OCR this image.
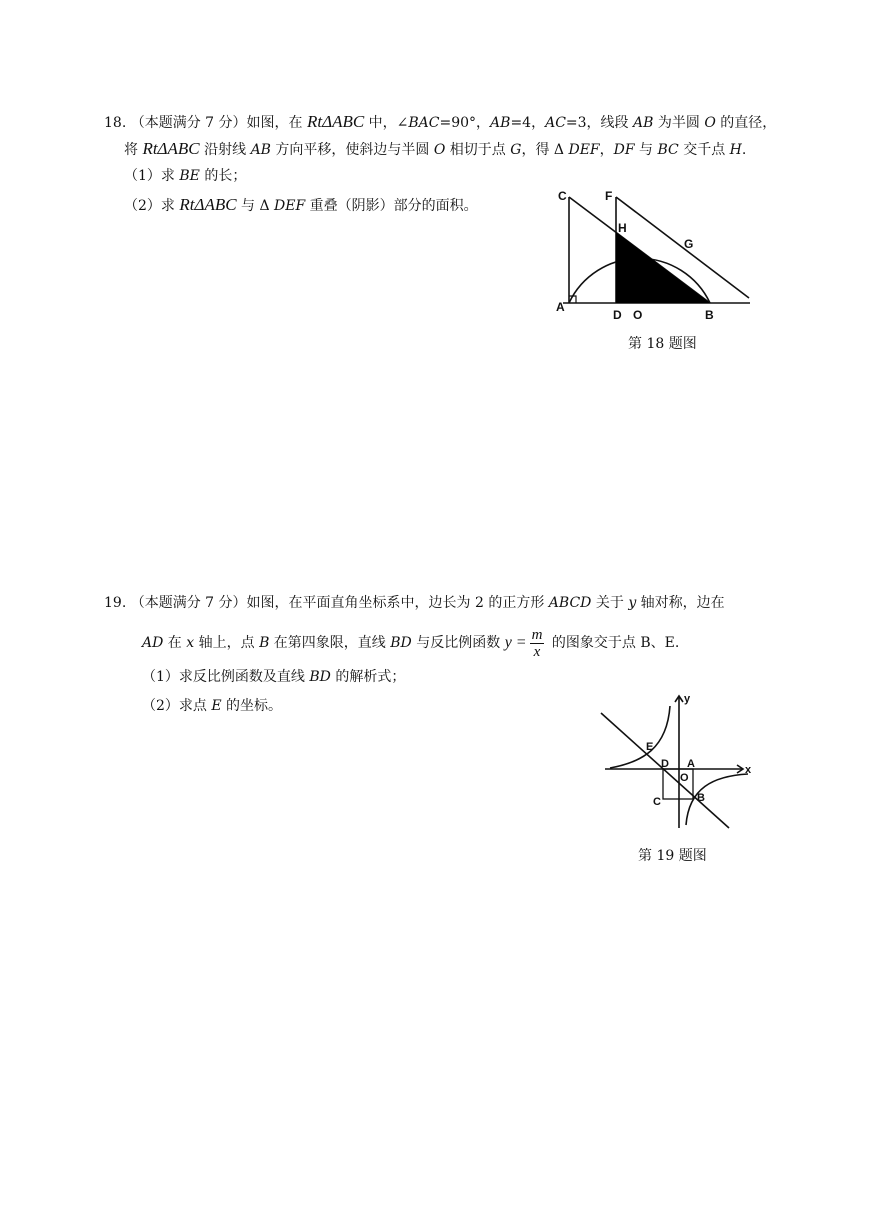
18. （本题满分 7 分）如图，在 RtΔABC 中，∠BAC=90°，AB=4，AC=3，线段 AB 为半圆 O 的直径，
将 RtΔABC 沿射线 AB 方向平移，使斜边与半圆 O 相切于点 G，得 Δ DEF，DF 与 BC 交千点 H.
（1）求 BE 的长；
（2）求 RtΔABC 与 Δ DEF 重叠（阴影）部分的面积。
C	F
H
G
A
D O	B
第 18 题图
19. （本题满分 7 分）如图，在平面直角坐标系中，边长为 2 的正方形 ABCD 关于 y 轴对称，边在
AD 在 x 轴上，点 B 在第四象限，直线 BD 与反比例函数 $y = \frac{m}{x}$ 的图象交于点 B、E.
（1）求反比例函数及直线 BD 的解析式；
（2）求点 E 的坐标。	y
x
E
D A
O
C	B
第 19 题图
